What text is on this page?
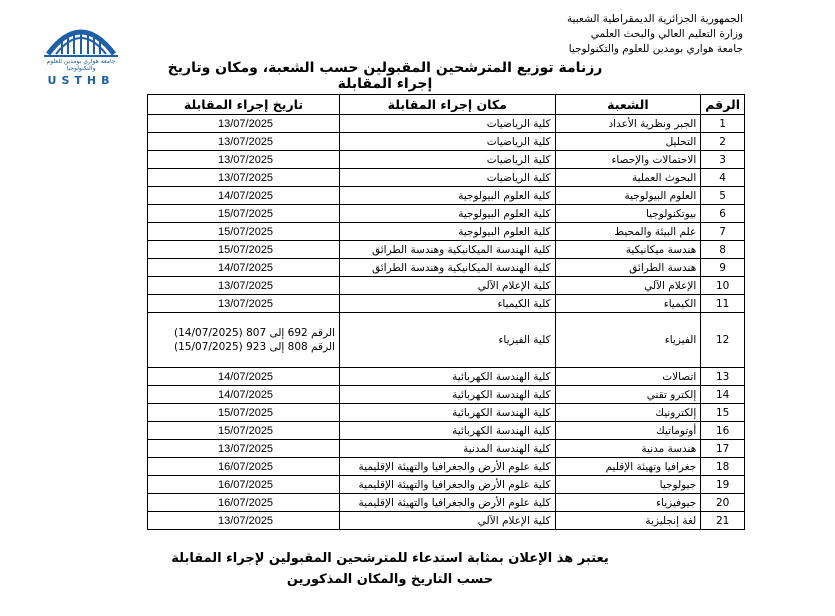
جامعة هواري بومدين للعلوم والتكنولوجيا
USTHB
الجمهورية الجزائرية الديمقراطية الشعبية
وزارة التعليم العالي والبحث العلمي
جامعة هواري بومدين للعلوم والتكنولوجيا
رزنامة توزيع المترشحين المقبولين حسب الشعبة، ومكان وتاريخ إجراء المقابلة
الرقم	الشعبة	مكان إجراء المقابلة	تاريخ إجراء المقابلة
1	الجبر ونظرية الأعداد	كلية الرياضيات	13/07/2025

2	التحليل	كلية الرياضيات	13/07/2025

3	الاحتمالات والإحصاء	كلية الرياضيات	13/07/2025

4	البحوث العملية	كلية الرياضيات	13/07/2025

5	العلوم البيولوجية	كلية العلوم البيولوجية	14/07/2025

6	بيوتكنولوجيا	كلية العلوم البيولوجية	15/07/2025

7	علم البيئة والمحيط	كلية العلوم البيولوجية	15/07/2025

8	هندسة ميكانيكية	كلية الهندسة الميكانيكية وهندسة الطرائق	15/07/2025

9	هندسة الطرائق	كلية الهندسة الميكانيكية وهندسة الطرائق	14/07/2025

10	الإعلام الآلي	كلية الإعلام الآلي	13/07/2025

11	الكيمياء	كلية الكيمياء	13/07/2025

12	الفيزياء	كلية الفيزياء	الرقم 692 إلى 807 (14/07/2025)
الرقم 808 إلى 923 (15/07/2025)

13	اتصالات	كلية الهندسة الكهربائية	14/07/2025

14	إلكترو تقني	كلية الهندسة الكهربائية	14/07/2025

15	إلكترونيك	كلية الهندسة الكهربائية	15/07/2025

16	أوتوماتيك	كلية الهندسة الكهربائية	15/07/2025

17	هندسة مدنية	كلية الهندسة المدنية	13/07/2025

18	جغرافيا وتهيئة الإقليم	كلية علوم الأرض والجغرافيا والتهيئة الإقليمية	16/07/2025

19	جيولوجيا	كلية علوم الأرض والجغرافيا والتهيئة الإقليمية	16/07/2025

20	جيوفيزياء	كلية علوم الأرض والجغرافيا والتهيئة الإقليمية	16/07/2025

21	لغة إنجليزية	كلية الإعلام الآلي	13/07/2025
يعتبر هذ الإعلان بمثابة استدعاء للمترشحين المقبولين لإجراء المقابلة
حسب التاريخ والمكان المذكورين
